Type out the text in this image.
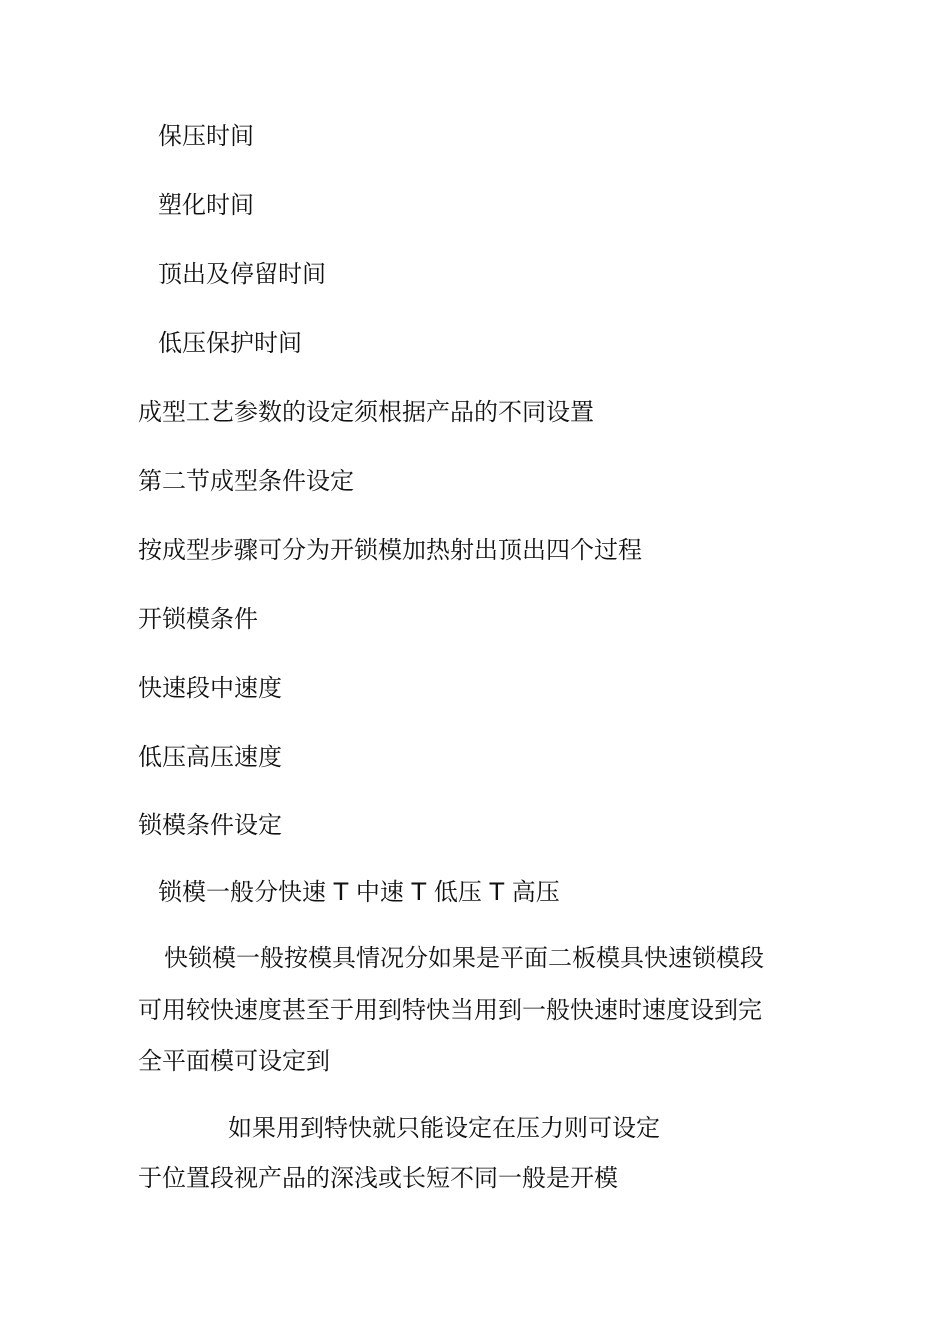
保压时间
塑化时间
顶出及停留时间
低压保护时间
成型工艺参数的设定须根据产品的不同设置
第二节成型条件设定
按成型步骤可分为开锁模加热射出顶出四个过程
开锁模条件
快速段中速度
低压高压速度
锁模条件设定
锁模一般分快速 T 中速 T 低压 T 高压
快锁模一般按模具情况分如果是平面二板模具快速锁模段
可用较快速度甚至于用到特快当用到一般快速时速度设到完
全平面模可设定到
如果用到特快就只能设定在压力则可设定
于位置段视产品的深浅或长短不同一般是开模
